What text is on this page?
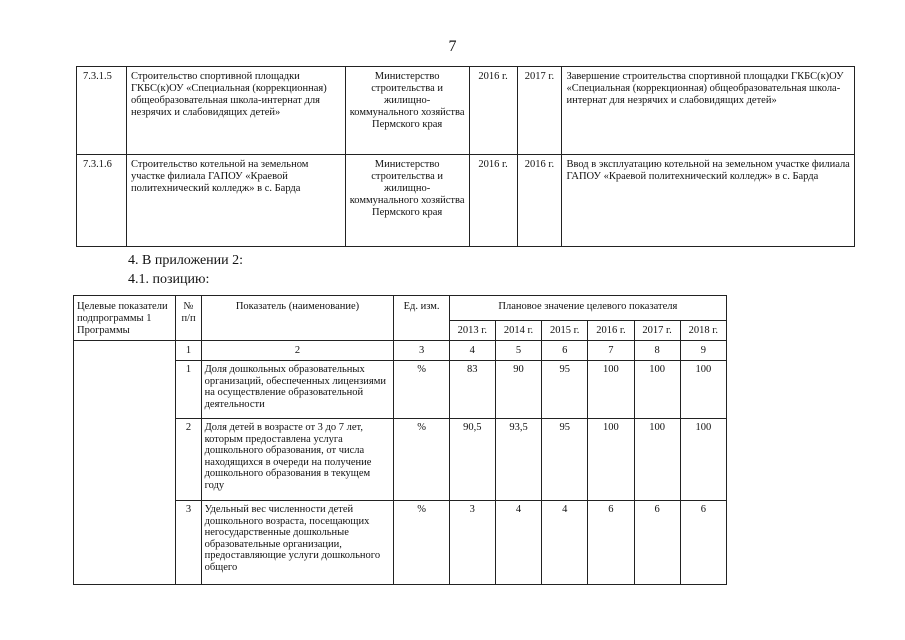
7
7.3.1.5	Строительство спортивной площадки ГКБС(к)ОУ «Специальная (коррекционная) общеобразовательная школа-интернат для незрячих и слабовидящих детей»	Министерство строительства и жилищно-коммунального хозяйства Пермского края	2016 г.	2017 г.	Завершение строительства спортивной площадки ГКБС(к)ОУ «Специальная (коррекционная) общеобразовательная школа-интернат для незрячих и слабовидящих детей»
7.3.1.6	Строительство котельной на земельном участке филиала ГАПОУ «Краевой политехнический колледж» в с. Барда	Министерство строительства и жилищно-коммунального хозяйства Пермского края	2016 г.	2016 г.	Ввод в эксплуатацию котельной на земельном участке филиала ГАПОУ «Краевой политехнический колледж» в с. Барда
4. В приложении 2:
4.1. позицию:
Целевые показатели подпрограммы 1 Программы	№ п/п	Показатель (наименование)	Ед. изм.	Плановое значение целевого показателя					
				2013 г.	2014 г.	2015 г.	2016 г.	2017 г.	2018 г.
	1	2	3	4	5	6	7	8	9
	1	Доля дошкольных образовательных организаций, обеспеченных лицензиями на осуществление образовательной деятельности	%	83	90	95	100	100	100
	2	Доля детей в возрасте от 3 до 7 лет, которым предоставлена услуга дошкольного образования, от числа находящихся в очереди на получение дошкольного образования в текущем году	%	90,5	93,5	95	100	100	100
	3	Удельный вес численности детей дошкольного возраста, посещающих негосударственные дошкольные образовательные организации, предоставляющие услуги дошкольного общего	%	3	4	4	6	6	6
